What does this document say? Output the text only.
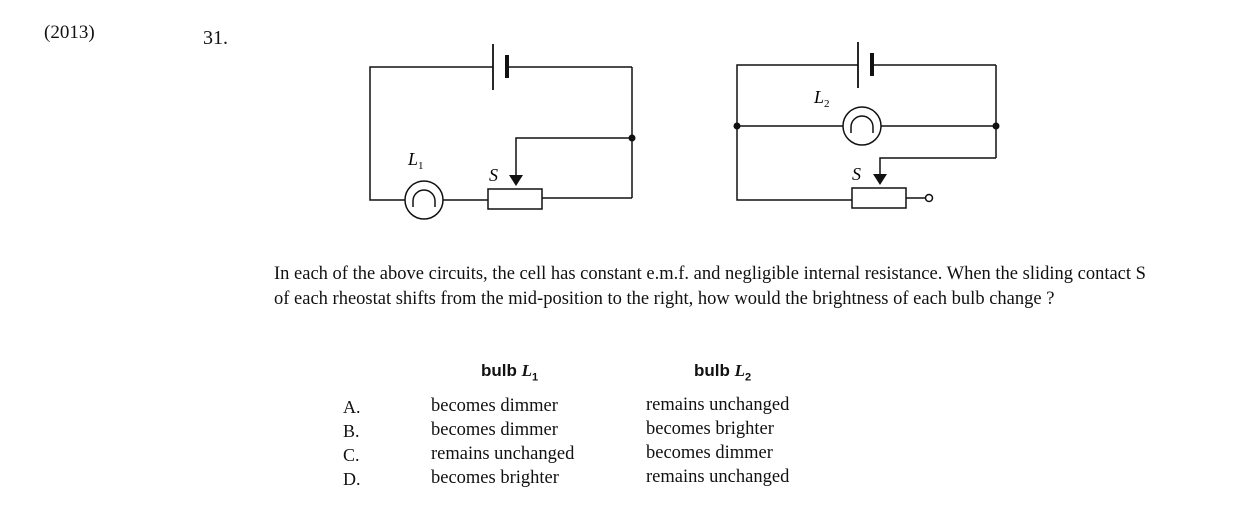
(2013)	31.
$L_1$	S
$L_2$
S
In each of the above circuits, the cell has constant e.m.f. and negligible internal resistance. When the sliding contact S of each rheostat shifts from the mid-position to the right, how would the brightness of each bulb change ?
bulb $L_1$	bulb $L_2$
A.	becomes dimmer	remains unchanged
B.	becomes dimmer	becomes brighter
C.	remains unchanged	becomes dimmer
D.	becomes brighter	remains unchanged
